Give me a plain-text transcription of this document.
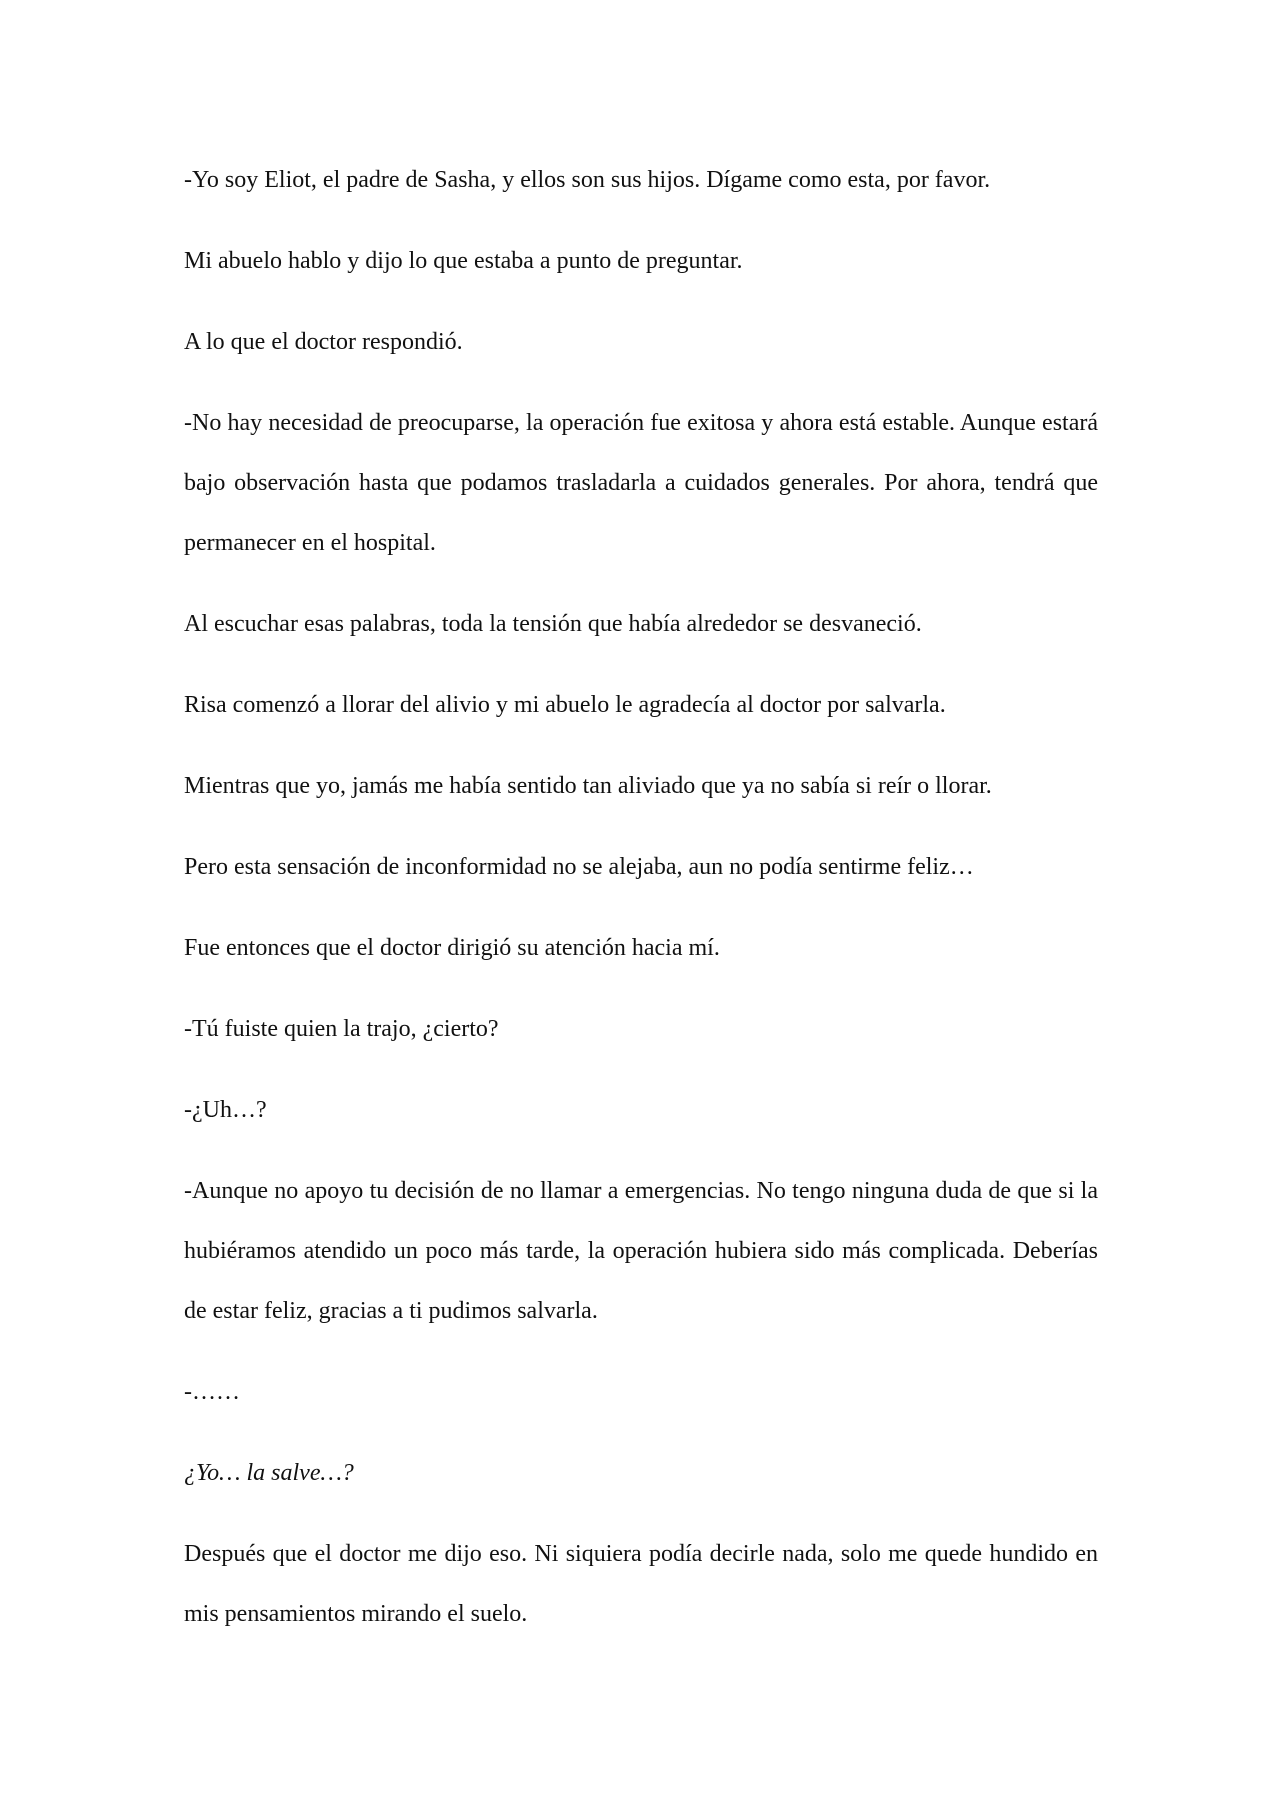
-Yo soy Eliot, el padre de Sasha, y ellos son sus hijos. Dígame como esta, por favor.

Mi abuelo hablo y dijo lo que estaba a punto de preguntar.

A lo que el doctor respondió.

-No hay necesidad de preocuparse, la operación fue exitosa y ahora está estable. Aunque estará bajo observación hasta que podamos trasladarla a cuidados generales. Por ahora, tendrá que permanecer en el hospital.

Al escuchar esas palabras, toda la tensión que había alrededor se desvaneció.

Risa comenzó a llorar del alivio y mi abuelo le agradecía al doctor por salvarla.

Mientras que yo, jamás me había sentido tan aliviado que ya no sabía si reír o llorar.

Pero esta sensación de inconformidad no se alejaba, aun no podía sentirme feliz…

Fue entonces que el doctor dirigió su atención hacia mí.

-Tú fuiste quien la trajo, ¿cierto?

-¿Uh…?

-Aunque no apoyo tu decisión de no llamar a emergencias. No tengo ninguna duda de que si la hubiéramos atendido un poco más tarde, la operación hubiera sido más complicada. Deberías de estar feliz, gracias a ti pudimos salvarla.

-……

¿Yo… la salve…?

Después que el doctor me dijo eso. Ni siquiera podía decirle nada, solo me quede hundido en mis pensamientos mirando el suelo.
